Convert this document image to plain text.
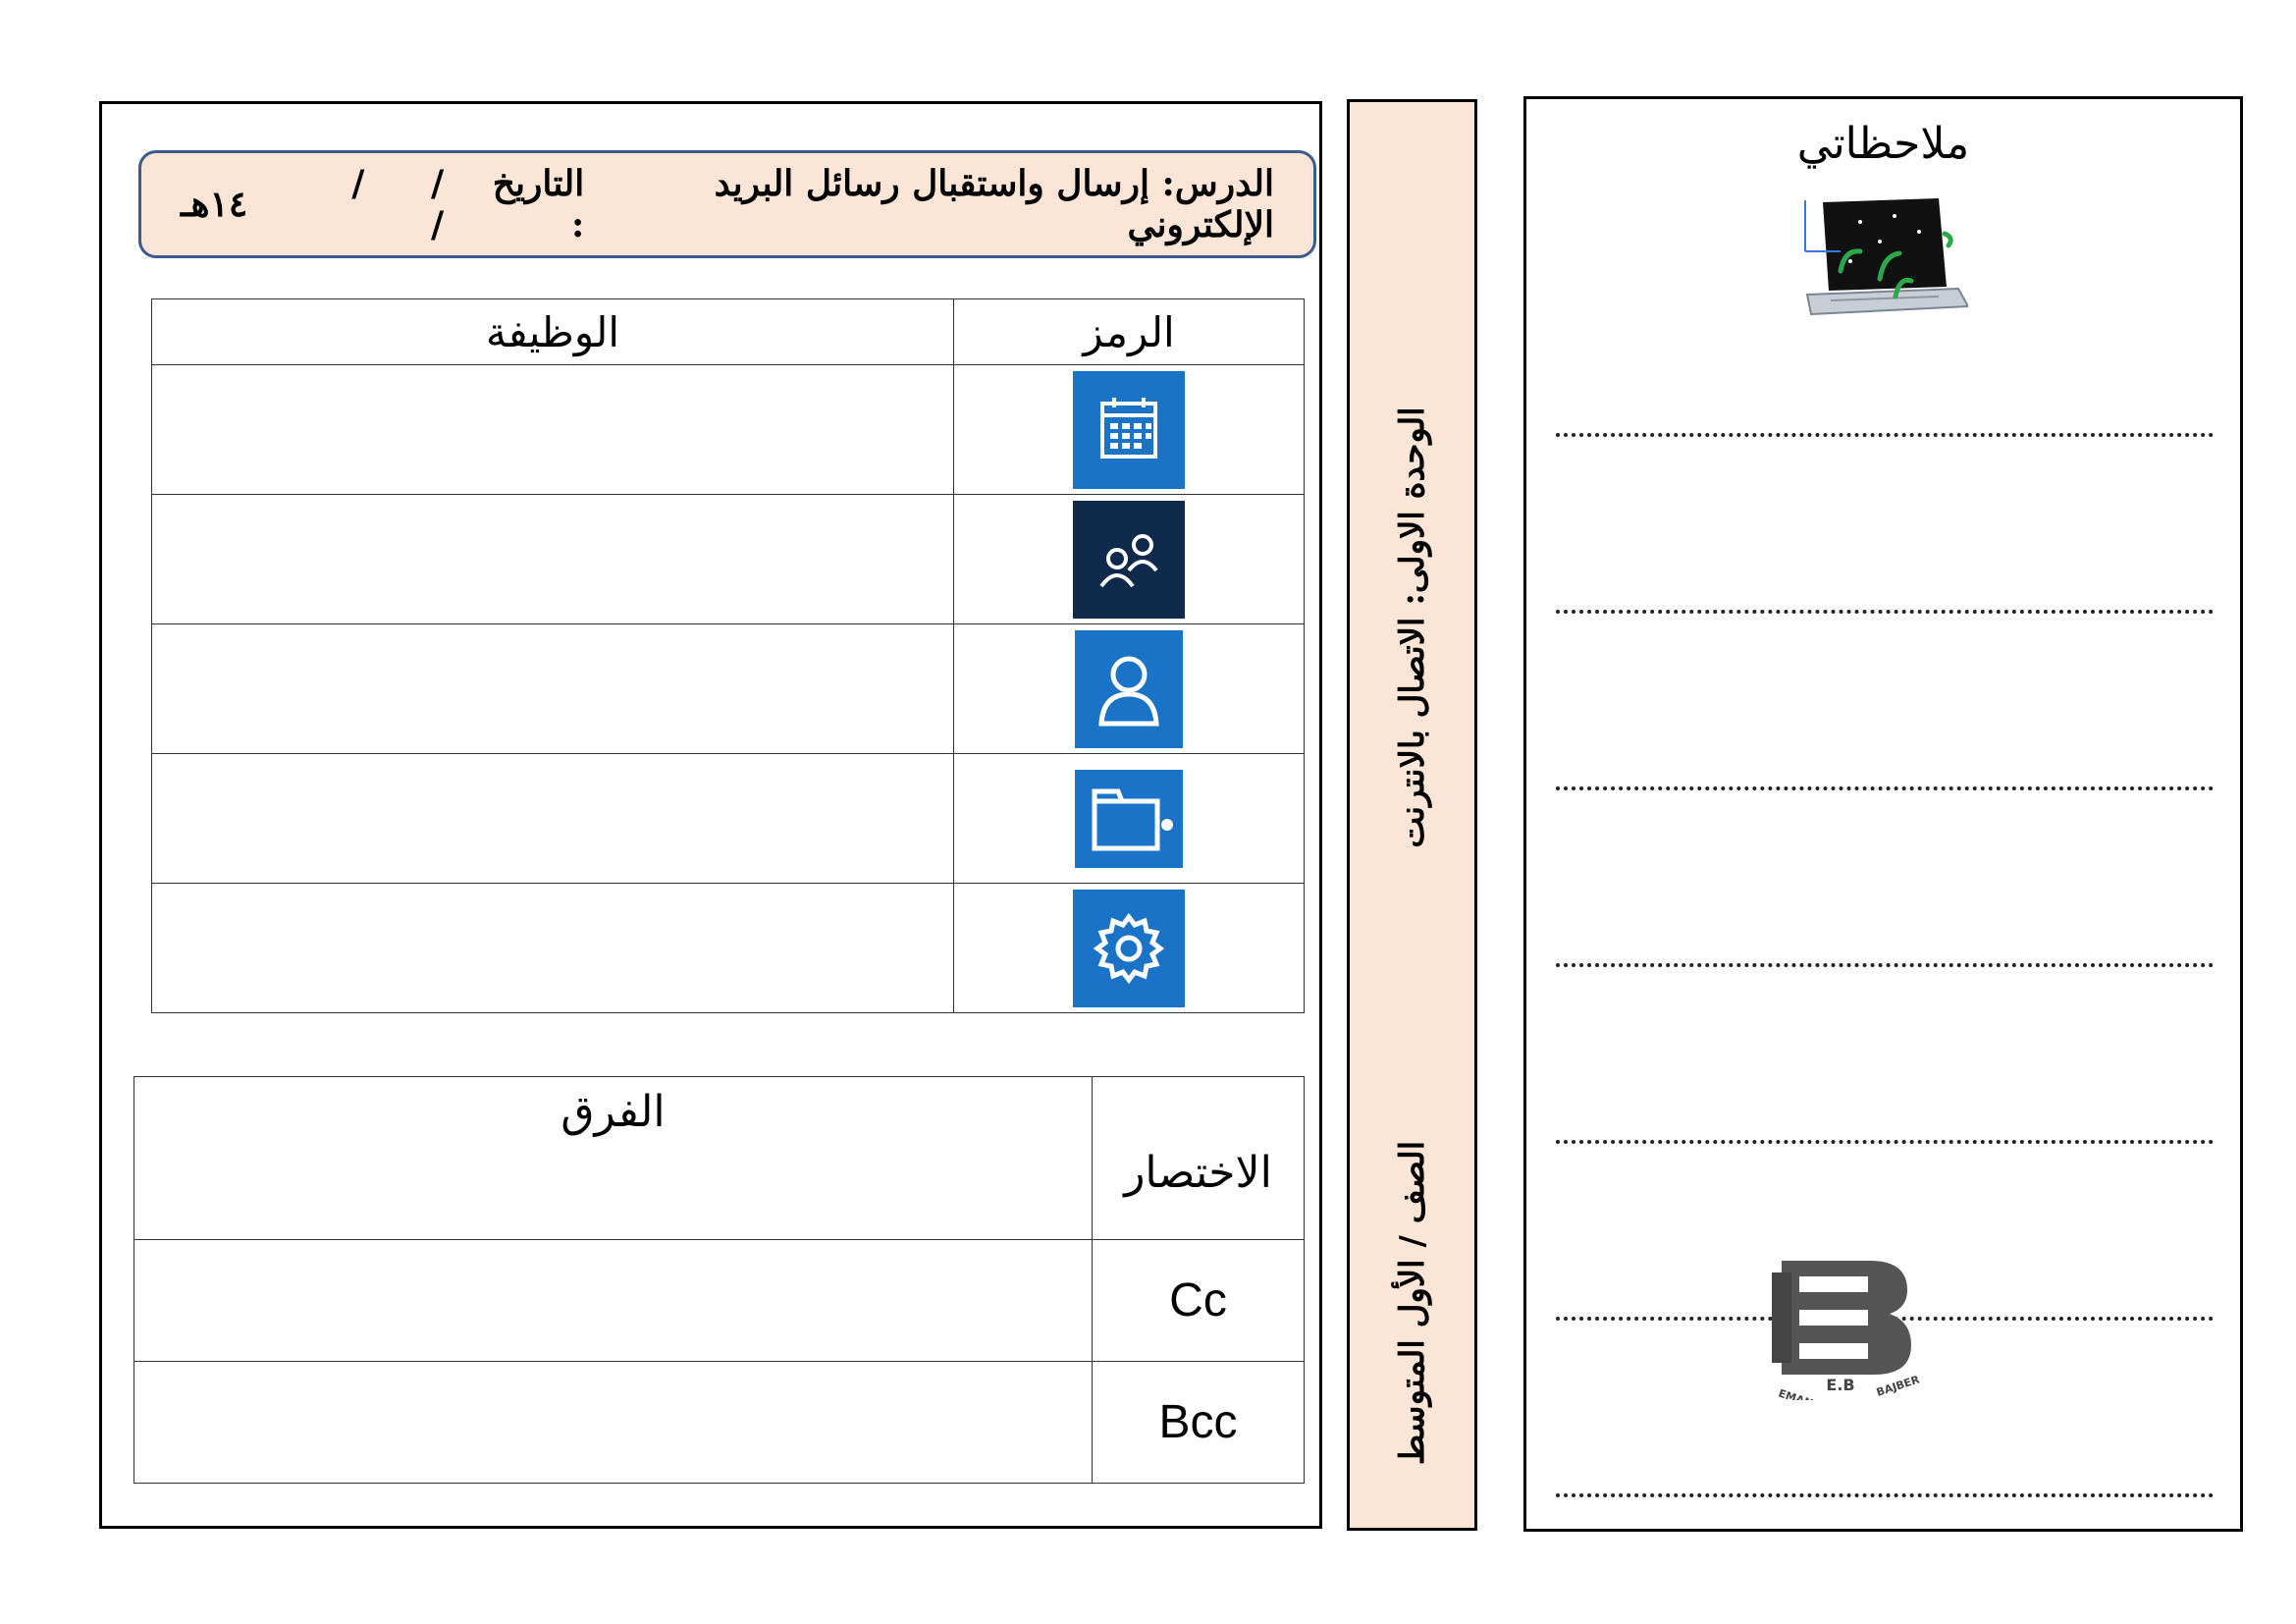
الدرس: إرسال واستقبال رسائل البريد الإلكتروني
التاريخ :
/ / /
١٤هـ
الرمز	الوظيفة

الاختصار	الفرق
Cc	
Bcc	
الوحدة الاولى: الاتصال بالانترنت
الصف / الأول المتوسط
ملاحظاتي
E.B
EMAN	BAJBER
